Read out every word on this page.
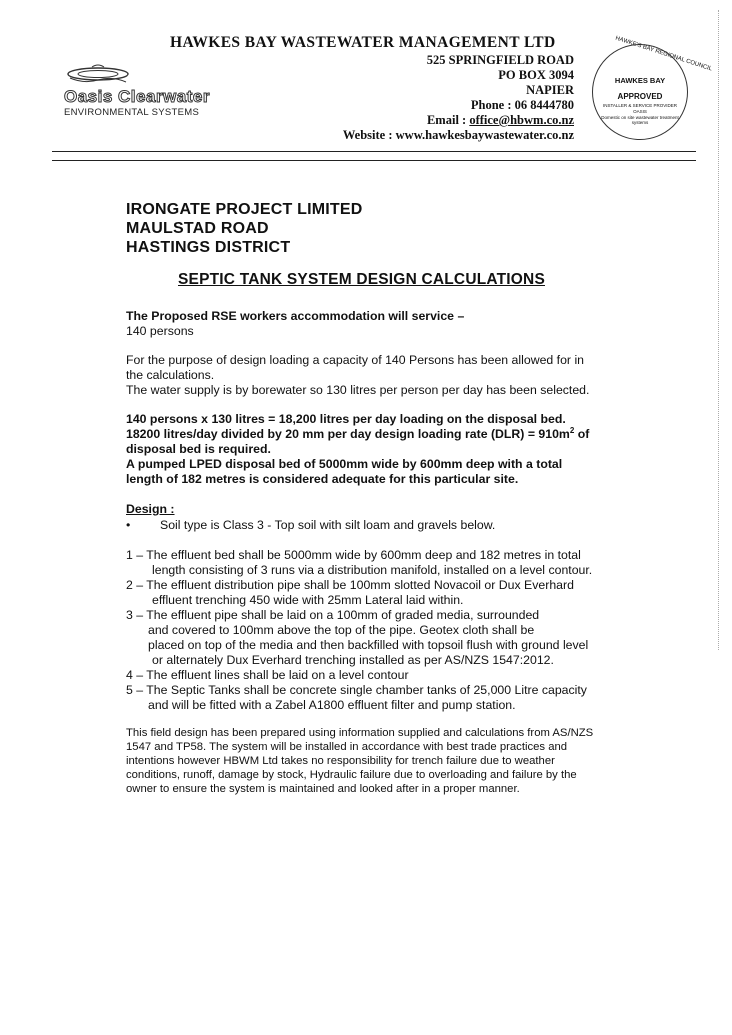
HAWKES BAY WASTEWATER MANAGEMENT LTD
525 SPRINGFIELD ROAD
PO BOX 3094
NAPIER
Phone : 06 8444780
Email : office@hbwm.co.nz
Website : www.hawkesbaywastewater.co.nz
Oasis Clearwater
ENVIRONMENTAL SYSTEMS
HAWKE'S BAY REGIONAL COUNCIL
HAWKES BAY
APPROVED
INSTALLER & SERVICE PROVIDER
OASIS
Domestic on site wastewater treatment systems
IRONGATE PROJECT LIMITED
MAULSTAD ROAD
HASTINGS DISTRICT
SEPTIC TANK SYSTEM DESIGN CALCULATIONS
The Proposed RSE workers accommodation will service –
140 persons
For the purpose of design loading a capacity of 140 Persons has been allowed for in
the calculations.
The water supply is by borewater so 130 litres per person per day has been selected.
140 persons x 130 litres = 18,200 litres per day loading on the disposal bed.
18200 litres/day divided by 20 mm per day design loading rate $(DLR) = 910m^2$ of
disposal bed is required.
A pumped LPED disposal bed of 5000mm wide by 600mm deep with a total
length of 182 metres is considered adequate for this particular site.
Design :
• Soil type is Class 3 - Top soil with silt loam and gravels below.
1 – The effluent bed shall be 5000mm wide by 600mm deep and 182 metres in total
length consisting of 3 runs via a distribution manifold, installed on a level contour.
2 – The effluent distribution pipe shall be 100mm slotted Novacoil or Dux Everhard
effluent trenching 450 wide with 25mm Lateral laid within.
3 – The effluent pipe shall be laid on a 100mm of graded media, surrounded
and covered to 100mm above the top of the pipe. Geotex cloth shall be
placed on top of the media and then backfilled with topsoil flush with ground level
or alternately Dux Everhard trenching installed as per AS/NZS 1547:2012.
4 – The effluent lines shall be laid on a level contour
5 – The Septic Tanks shall be concrete single chamber tanks of 25,000 Litre capacity
and will be fitted with a Zabel A1800 effluent filter and pump station.
This field design has been prepared using information supplied and calculations from AS/NZS
1547 and TP58. The system will be installed in accordance with best trade practices and
intentions however HBWM Ltd takes no responsibility for trench failure due to weather
conditions, runoff, damage by stock, Hydraulic failure due to overloading and failure by the
owner to ensure the system is maintained and looked after in a proper manner.
